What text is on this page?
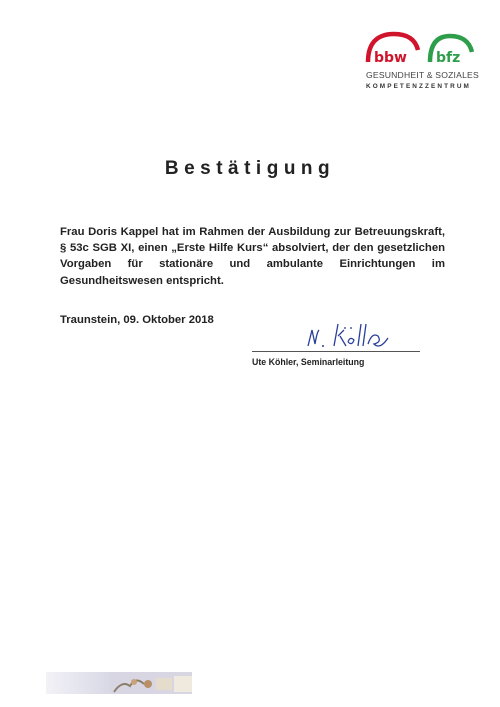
bbw bfz
GESUNDHEIT & SOZIALES
KOMPETENZZENTRUM
Bestätigung
Frau Doris Kappel hat im Rahmen der Ausbildung zur Betreuungskraft, § 53c SGB XI, einen „Erste Hilfe Kurs“ absolviert, der den gesetzlichen Vorgaben für stationäre und ambulante Einrichtungen im Gesundheitswesen entspricht.
Traunstein, 09. Oktober 2018
Ute Köhler, Seminarleitung
